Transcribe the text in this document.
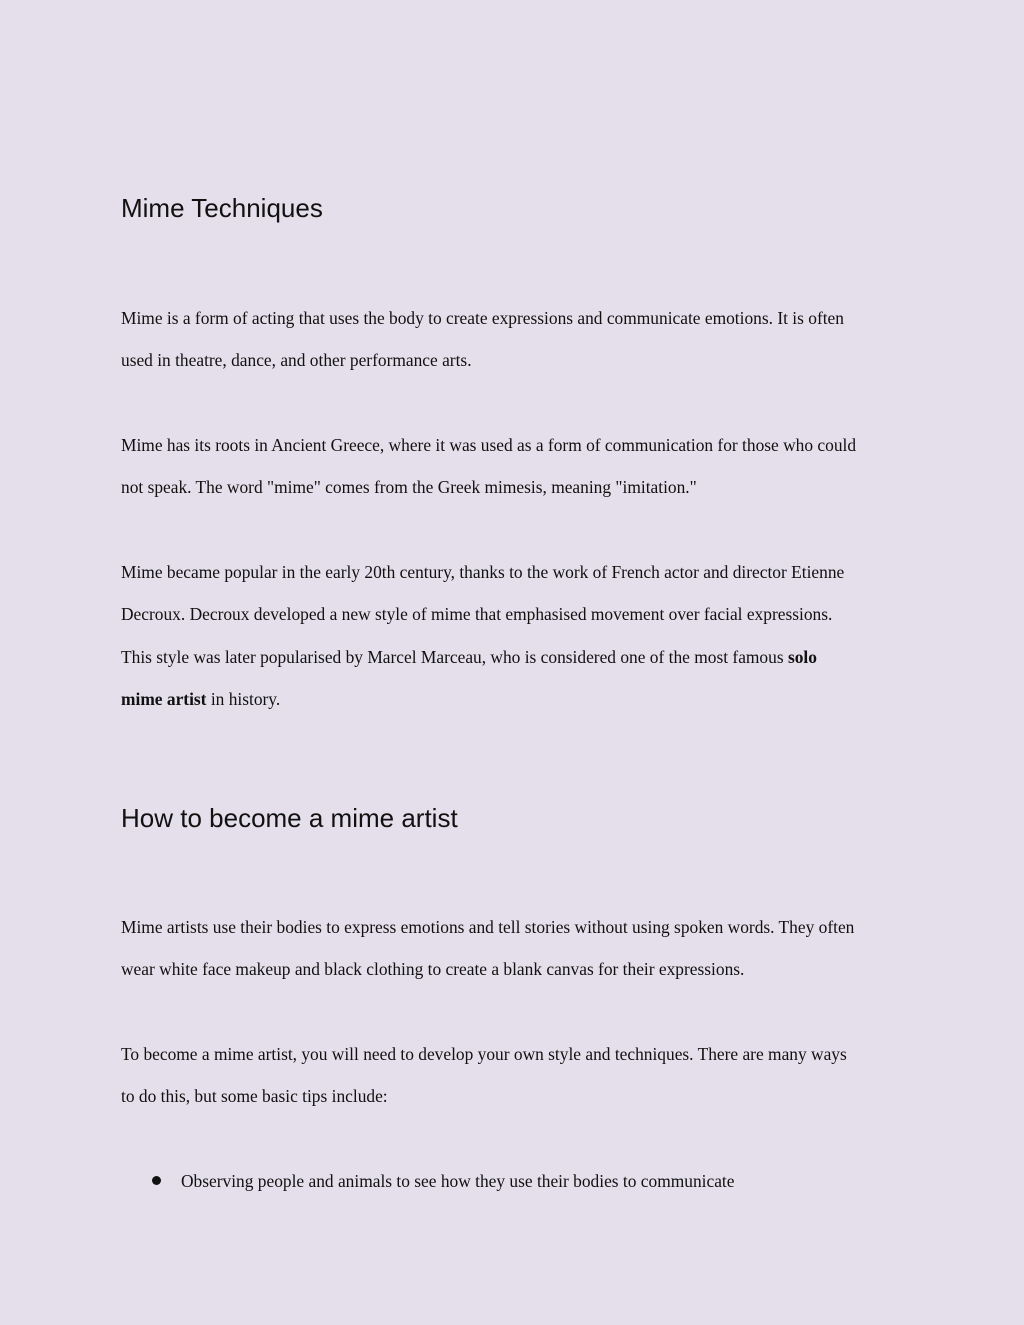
Mime Techniques

Mime is a form of acting that uses the body to create expressions and communicate emotions. It is often
used in theatre, dance, and other performance arts.

Mime has its roots in Ancient Greece, where it was used as a form of communication for those who could
not speak. The word "mime" comes from the Greek mimesis, meaning "imitation."

Mime became popular in the early 20th century, thanks to the work of French actor and director Etienne
Decroux. Decroux developed a new style of mime that emphasised movement over facial expressions.
This style was later popularised by Marcel Marceau, who is considered one of the most famous solo
mime artist in history.

How to become a mime artist

Mime artists use their bodies to express emotions and tell stories without using spoken words. They often
wear white face makeup and black clothing to create a blank canvas for their expressions.

To become a mime artist, you will need to develop your own style and techniques. There are many ways
to do this, but some basic tips include:

Observing people and animals to see how they use their bodies to communicate
